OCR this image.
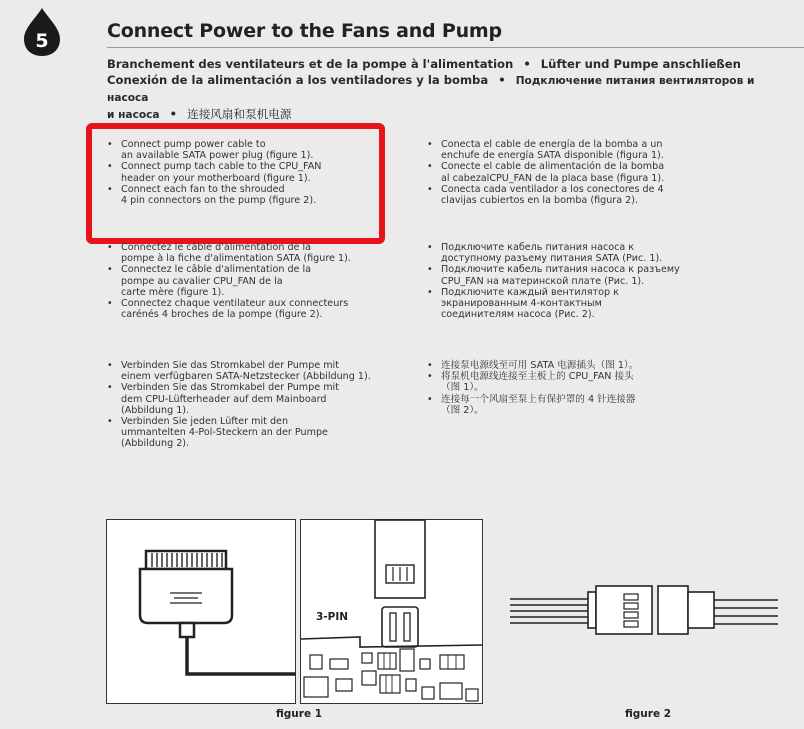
5	Connect Power to the Fans and Pump
Branchement des ventilateurs et de la pompe à l'alimentation • Lüfter und Pumpe anschließen
Conexión de la alimentación a los ventiladores y la bomba • Подключение питания вентиляторов и насоса
и насоса • 连接风扇和泵机电源
• Connect pump power cable to
an available SATA power plug (figure 1).
• Connect pump tach cable to the CPU_FAN
header on your motherboard (figure 1).
• Connect each fan to the shrouded
4 pin connectors on the pump (figure 2).
• Connectez le câble d'alimentation de la
pompe à la fiche d'alimentation SATA (figure 1).
• Connectez le câble d'alimentation de la
pompe au cavalier CPU_FAN de la
carte mère (figure 1).
• Connectez chaque ventilateur aux connecteurs
carénés 4 broches de la pompe (figure 2).
• Verbinden Sie das Stromkabel der Pumpe mit
einem verfügbaren SATA-Netzstecker (Abbildung 1).
• Verbinden Sie das Stromkabel der Pumpe mit
dem CPU-Lüfterheader auf dem Mainboard
(Abbildung 1).
• Verbinden Sie jeden Lüfter mit den
ummantelten 4-Pol-Steckern an der Pumpe
(Abbildung 2).
• Conecta el cable de energía de la bomba a un
enchufe de energía SATA disponible (figura 1).
• Conecte el cable de alimentación de la bomba
al cabezalCPU_FAN de la placa base (figura 1).
• Conecta cada ventilador a los conectores de 4
clavijas cubiertos en la bomba (figura 2).
• Подключите кабель питания насоса к
доступному разъему питания SATA (Рис. 1).
• Подключите кабель питания насоса к разъему
CPU_FAN на материнской плате (Рис. 1).
• Подключите каждый вентилятор к
экранированным 4-контактным
соединителям насоса (Рис. 2).
• 连接泵电源线至可用 SATA 电源插头（图 1）。
• 将泵机电源线连接至主板上的 CPU_FAN 接头
（图 1）。
• 连接每一个风扇至泵上有保护罩的 4 针连接器
（图 2）。
3-PIN
figure 1	figure 2
